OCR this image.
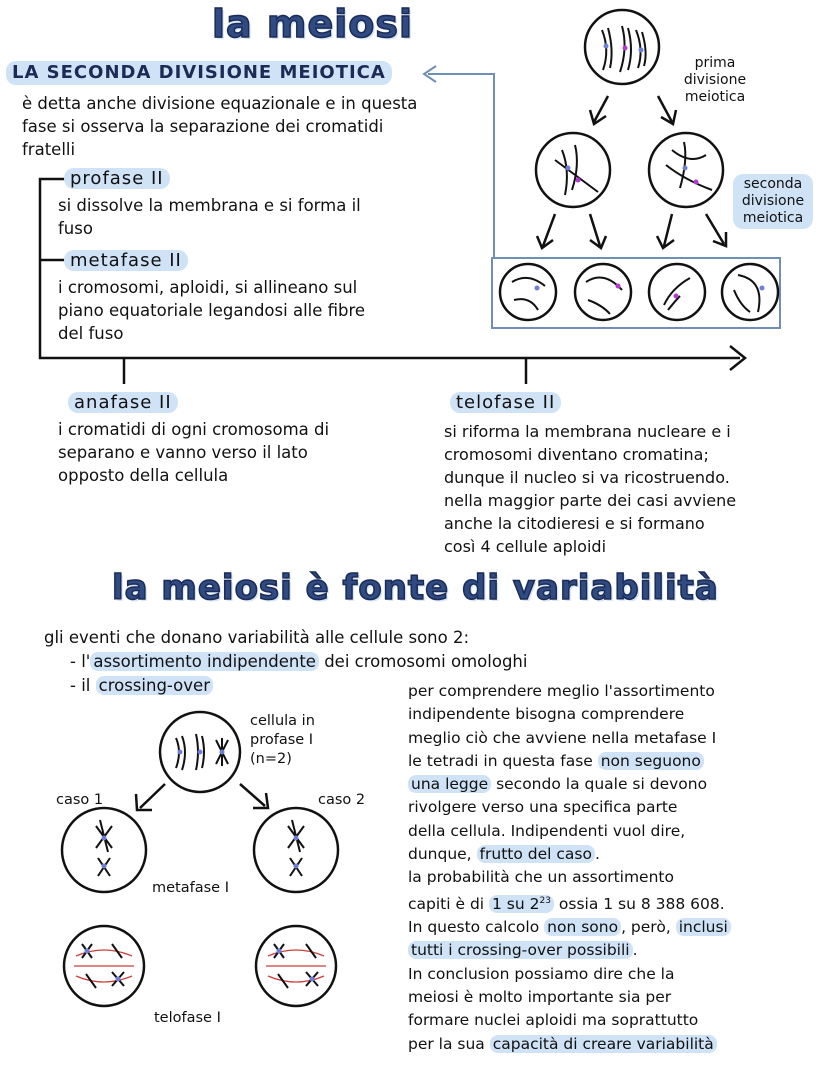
la meiosi
LA SECONDA DIVISIONE MEIOTICA
è detta anche divisione equazionale e in questa
fase si osserva la separazione dei cromatidi
fratelli
profase II
si dissolve la membrana e si forma il
fuso
metafase II
i cromosomi, aploidi, si allineano sul
piano equatoriale legandosi alle fibre
del fuso
anafase II
i cromatidi di ogni cromosoma di
separano e vanno verso il lato
opposto della cellula
telofase II
si riforma la membrana nucleare e i
cromosomi diventano cromatina;
dunque il nucleo si va ricostruendo.
nella maggior parte dei casi avviene
anche la citodieresi e si formano
così 4 cellule aploidi
prima
divisione
meiotica
seconda
divisione
meiotica
la meiosi è fonte di variabilità
gli eventi che donano variabilità alle cellule sono 2:
- l' assortimento indipendente dei cromosomi omologhi
- il crossing-over
cellula in
profase I
(n=2)
caso 1	caso 2
metafase I
telofase I
per comprendere meglio l'assortimento
indipendente bisogna comprendere
meglio ciò che avviene nella metafase I
le tetradi in questa fase non seguono
una legge secondo la quale si devono
rivolgere verso una specifica parte
della cellula. Indipendenti vuol dire,
dunque, frutto del caso .
la probabilità che un assortimento
capiti è di 1 su $2^{23}$ ossia 1 su 8 388 608.
In questo calcolo non sono , però, inclusi
tutti i crossing-over possibili .
In conclusion possiamo dire che la
meiosi è molto importante sia per
formare nuclei aploidi ma soprattutto
per la sua capacità di creare variabilità
